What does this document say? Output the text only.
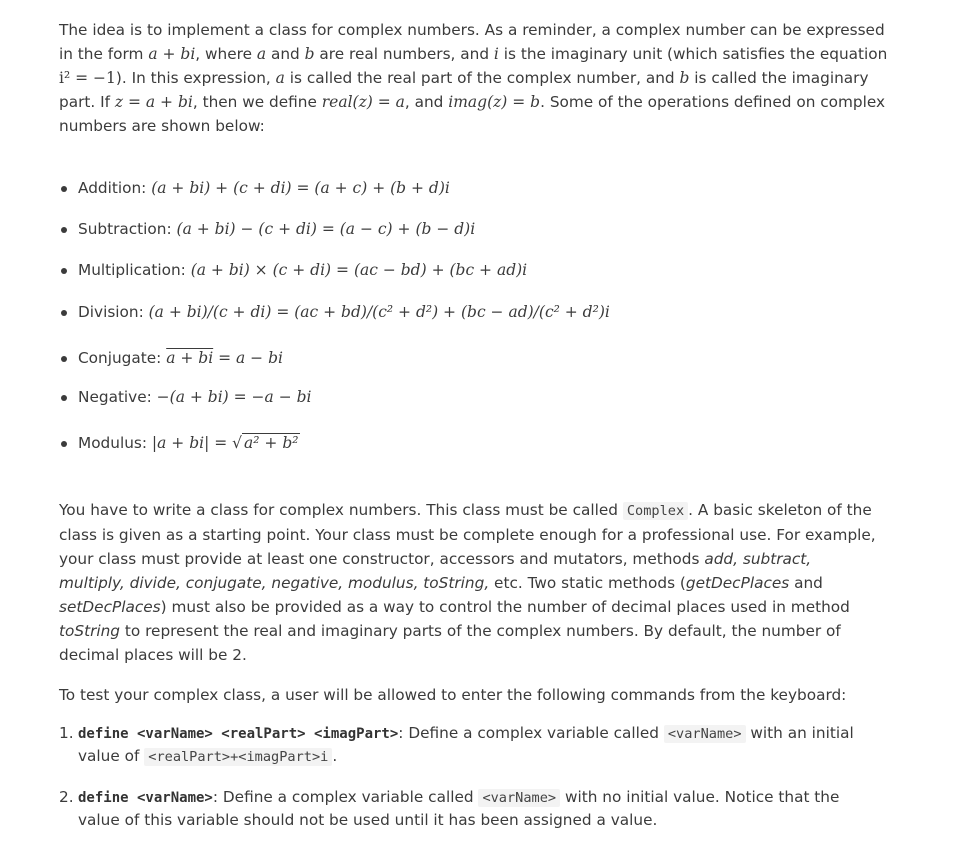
The idea is to implement a class for complex numbers. As a reminder, a complex number can be expressed in the form a + bi, where a and b are real numbers, and i is the imaginary unit (which satisfies the equation i² = −1). In this expression, a is called the real part of the complex number, and b is called the imaginary part. If z = a + bi, then we define real(z) = a, and imag(z) = b. Some of the operations defined on complex numbers are shown below:

Addition: (a + bi) + (c + di) = (a + c) + (b + d)i
Subtraction: (a + bi) − (c + di) = (a − c) + (b − d)i
Multiplication: (a + bi) × (c + di) = (ac − bd) + (bc + ad)i
Division: (a + bi)/(c + di) = (ac + bd)/(c² + d²) + (bc − ad)/(c² + d²)i
Conjugate: a + bi = a − bi
Negative: −(a + bi) = −a − bi
Modulus: |a + bi| = √ a² + b²
You have to write a class for complex numbers. This class must be called Complex . A basic skeleton of the class is given as a starting point. Your class must be complete enough for a professional use. For example, your class must provide at least one constructor, accessors and mutators, methods add, subtract, multiply, divide, conjugate, negative, modulus, toString, etc. Two static methods (getDecPlaces and setDecPlaces) must also be provided as a way to control the number of decimal places used in method toString to represent the real and imaginary parts of the complex numbers. By default, the number of decimal places will be 2.

To test your complex class, a user will be allowed to enter the following commands from the keyboard:

1. define <varName> <realPart> <imagPart>: Define a complex variable called <varName> with an initial value of <realPart>+<imagPart>i .
2. define <varName>: Define a complex variable called <varName> with no initial value. Notice that the value of this variable should not be used until it has been assigned a value.
